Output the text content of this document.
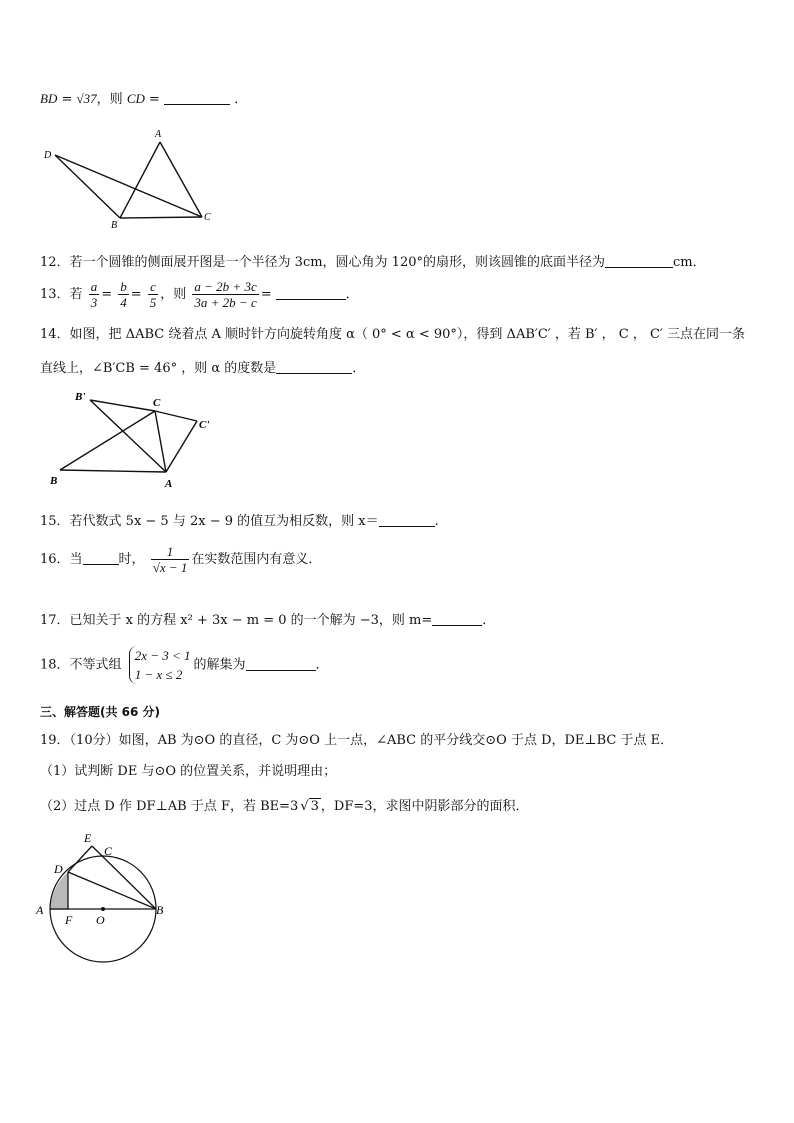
BD = √37，则 CD =	．
A
D
B
C
12．若一个圆锥的侧面展开图是一个半径为 3cm，圆心角为 120°的扇形，则该圆锥的底面半径为	cm．
13．若 $\frac{a}{3} = \frac{b}{4} = \frac{c}{5}$ ，则 $\frac{a - 2b + 3c}{3a + 2b - c}$ =	．
14．如图，把 ΔABC 绕着点 A 顺时针方向旋转角度 α（ 0° < α < 90°），得到 ΔAB′C′ ，若 B′ ， C ， C′ 三点在同一条
直线上，∠B′CB = 46° ，则 α 的度数是	．
B'	C
C'
B	A
15．若代数式 5x − 5 与 2x − 9 的值互为相反数，则 x＝	.
16．当	时， $\frac{1}{√x - 1}$ 在实数范围内有意义．
17．已知关于 x 的方程 x² + 3x − m = 0 的一个解为 −3，则 m=	．
18．不等式组
2x − 3 < 1
1 − x ≤ 2
的解集为	．
三、解答题(共 66 分)
19．（10分）如图，AB 为⊙O 的直径，C 为⊙O 上一点，∠ABC 的平分线交⊙O 于点 D，DE⊥BC 于点 E．
（1）试判断 DE 与⊙O 的位置关系，并说明理由；
（2）过点 D 作 DF⊥AB 于点 F，若 BE=3 √ 3 ，DF=3，求图中阴影部分的面积．
E
C
D
A
F O
B
